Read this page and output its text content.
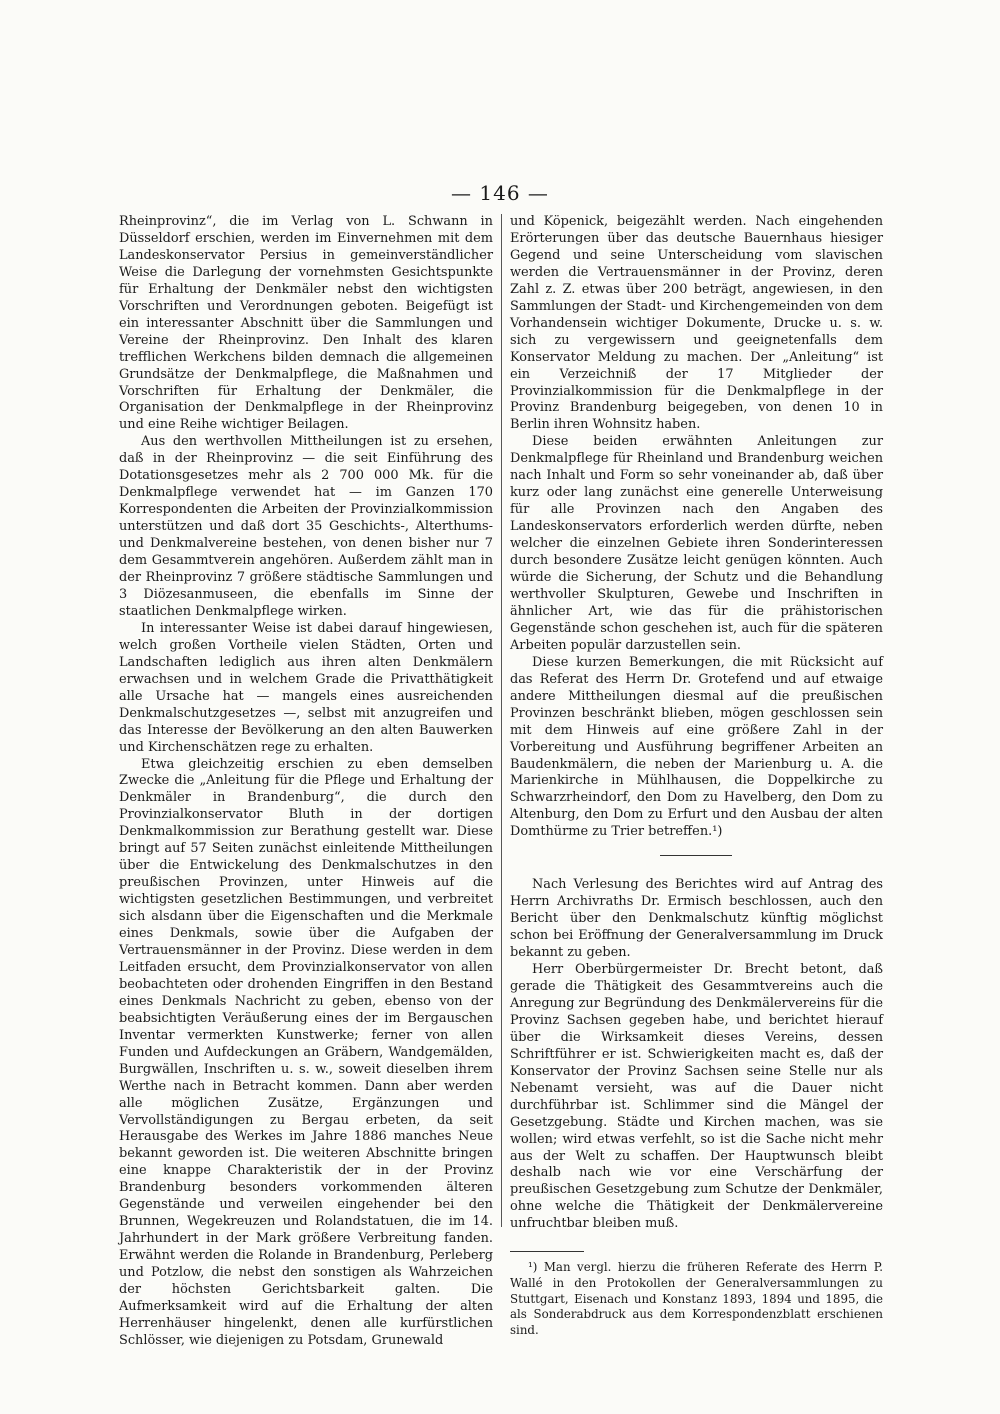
— 146 —

Rheinprovinz“, die im Verlag von L. Schwann in Düsseldorf erschien, werden im Einvernehmen mit dem Landeskonservator Persius in gemeinverständlicher Weise die Darlegung der vornehmsten Gesichtspunkte für Erhaltung der Denkmäler nebst den wichtigsten Vorschriften und Verordnungen geboten. Beigefügt ist ein interessanter Abschnitt über die Sammlungen und Vereine der Rheinprovinz. Den Inhalt des klaren trefflichen Werkchens bilden demnach die allgemeinen Grundsätze der Denkmalpflege, die Maßnahmen und Vorschriften für Erhaltung der Denkmäler, die Organisation der Denkmalpflege in der Rheinprovinz und eine Reihe wichtiger Beilagen.

Aus den werthvollen Mittheilungen ist zu ersehen, daß in der Rheinprovinz — die seit Einführung des Dotationsgesetzes mehr als 2 700 000 Mk. für die Denkmalpflege verwendet hat — im Ganzen 170 Korrespondenten die Arbeiten der Provinzialkommission unterstützen und daß dort 35 Geschichts-, Alterthums- und Denkmalvereine bestehen, von denen bisher nur 7 dem Gesammtverein angehören. Außerdem zählt man in der Rheinprovinz 7 größere städtische Sammlungen und 3 Diözesanmuseen, die ebenfalls im Sinne der staatlichen Denkmalpflege wirken.

In interessanter Weise ist dabei darauf hingewiesen, welch großen Vortheile vielen Städten, Orten und Landschaften lediglich aus ihren alten Denkmälern erwachsen und in welchem Grade die Privatthätigkeit alle Ursache hat — mangels eines ausreichenden Denkmalschutzgesetzes —, selbst mit anzugreifen und das Interesse der Bevölkerung an den alten Bauwerken und Kirchenschätzen rege zu erhalten.

Etwa gleichzeitig erschien zu eben demselben Zwecke die „Anleitung für die Pflege und Erhaltung der Denkmäler in Brandenburg“, die durch den Provinzialkonservator Bluth in der dortigen Denkmalkommission zur Berathung gestellt war. Diese bringt auf 57 Seiten zunächst einleitende Mittheilungen über die Entwickelung des Denkmalschutzes in den preußischen Provinzen, unter Hinweis auf die wichtigsten gesetzlichen Bestimmungen, und verbreitet sich alsdann über die Eigenschaften und die Merkmale eines Denkmals, sowie über die Aufgaben der Vertrauensmänner in der Provinz. Diese werden in dem Leitfaden ersucht, dem Provinzialkonservator von allen beobachteten oder drohenden Eingriffen in den Bestand eines Denkmals Nachricht zu geben, ebenso von der beabsichtigten Veräußerung eines der im Bergauschen Inventar vermerkten Kunstwerke; ferner von allen Funden und Aufdeckungen an Gräbern, Wandgemälden, Burgwällen, Inschriften u. s. w., soweit dieselben ihrem Werthe nach in Betracht kommen. Dann aber werden alle möglichen Zusätze, Ergänzungen und Vervollständigungen zu Bergau erbeten, da seit Herausgabe des Werkes im Jahre 1886 manches Neue bekannt geworden ist. Die weiteren Abschnitte bringen eine knappe Charakteristik der in der Provinz Brandenburg besonders vorkommenden älteren Gegenstände und verweilen eingehender bei den Brunnen, Wegekreuzen und Rolandstatuen, die im 14. Jahrhundert in der Mark größere Verbreitung fanden. Erwähnt werden die Rolande in Brandenburg, Perleberg und Potzlow, die nebst den sonstigen als Wahrzeichen der höchsten Gerichtsbarkeit galten. Die Aufmerksamkeit wird auf die Erhaltung der alten Herrenhäuser hingelenkt, denen alle kurfürstlichen Schlösser, wie diejenigen zu Potsdam, Grunewald

und Köpenick, beigezählt werden. Nach eingehenden Erörterungen über das deutsche Bauernhaus hiesiger Gegend und seine Unterscheidung vom slavischen werden die Vertrauensmänner in der Provinz, deren Zahl z. Z. etwas über 200 beträgt, angewiesen, in den Sammlungen der Stadt- und Kirchengemeinden von dem Vorhandensein wichtiger Dokumente, Drucke u. s. w. sich zu vergewissern und geeignetenfalls dem Konservator Meldung zu machen. Der „Anleitung“ ist ein Verzeichniß der 17 Mitglieder der Provinzialkommission für die Denkmalpflege in der Provinz Brandenburg beigegeben, von denen 10 in Berlin ihren Wohnsitz haben.

Diese beiden erwähnten Anleitungen zur Denkmalpflege für Rheinland und Brandenburg weichen nach Inhalt und Form so sehr voneinander ab, daß über kurz oder lang zunächst eine generelle Unterweisung für alle Provinzen nach den Angaben des Landeskonservators erforderlich werden dürfte, neben welcher die einzelnen Gebiete ihren Sonderinteressen durch besondere Zusätze leicht genügen könnten. Auch würde die Sicherung, der Schutz und die Behandlung werthvoller Skulpturen, Gewebe und Inschriften in ähnlicher Art, wie das für die prähistorischen Gegenstände schon geschehen ist, auch für die späteren Arbeiten populär darzustellen sein.

Diese kurzen Bemerkungen, die mit Rücksicht auf das Referat des Herrn Dr. Grotefend und auf etwaige andere Mittheilungen diesmal auf die preußischen Provinzen beschränkt blieben, mögen geschlossen sein mit dem Hinweis auf eine größere Zahl in der Vorbereitung und Ausführung begriffener Arbeiten an Baudenkmälern, die neben der Marienburg u. A. die Marienkirche in Mühlhausen, die Doppelkirche zu Schwarzrheindorf, den Dom zu Havelberg, den Dom zu Altenburg, den Dom zu Erfurt und den Ausbau der alten Domthürme zu Trier betreffen.¹)

Nach Verlesung des Berichtes wird auf Antrag des Herrn Archivraths Dr. Ermisch beschlossen, auch den Bericht über den Denkmalschutz künftig möglichst schon bei Eröffnung der Generalversammlung im Druck bekannt zu geben.

Herr Oberbürgermeister Dr. Brecht betont, daß gerade die Thätigkeit des Gesammtvereins auch die Anregung zur Begründung des Denkmälervereins für die Provinz Sachsen gegeben habe, und berichtet hierauf über die Wirksamkeit dieses Vereins, dessen Schriftführer er ist. Schwierigkeiten macht es, daß der Konservator der Provinz Sachsen seine Stelle nur als Nebenamt versieht, was auf die Dauer nicht durchführbar ist. Schlimmer sind die Mängel der Gesetzgebung. Städte und Kirchen machen, was sie wollen; wird etwas verfehlt, so ist die Sache nicht mehr aus der Welt zu schaffen. Der Hauptwunsch bleibt deshalb nach wie vor eine Verschärfung der preußischen Gesetzgebung zum Schutze der Denkmäler, ohne welche die Thätigkeit der Denkmälervereine unfruchtbar bleiben muß.

¹) Man vergl. hierzu die früheren Referate des Herrn P. Wallé in den Protokollen der Generalversammlungen zu Stuttgart, Eisenach und Konstanz 1893, 1894 und 1895, die als Sonderabdruck aus dem Korrespondenzblatt erschienen sind.
